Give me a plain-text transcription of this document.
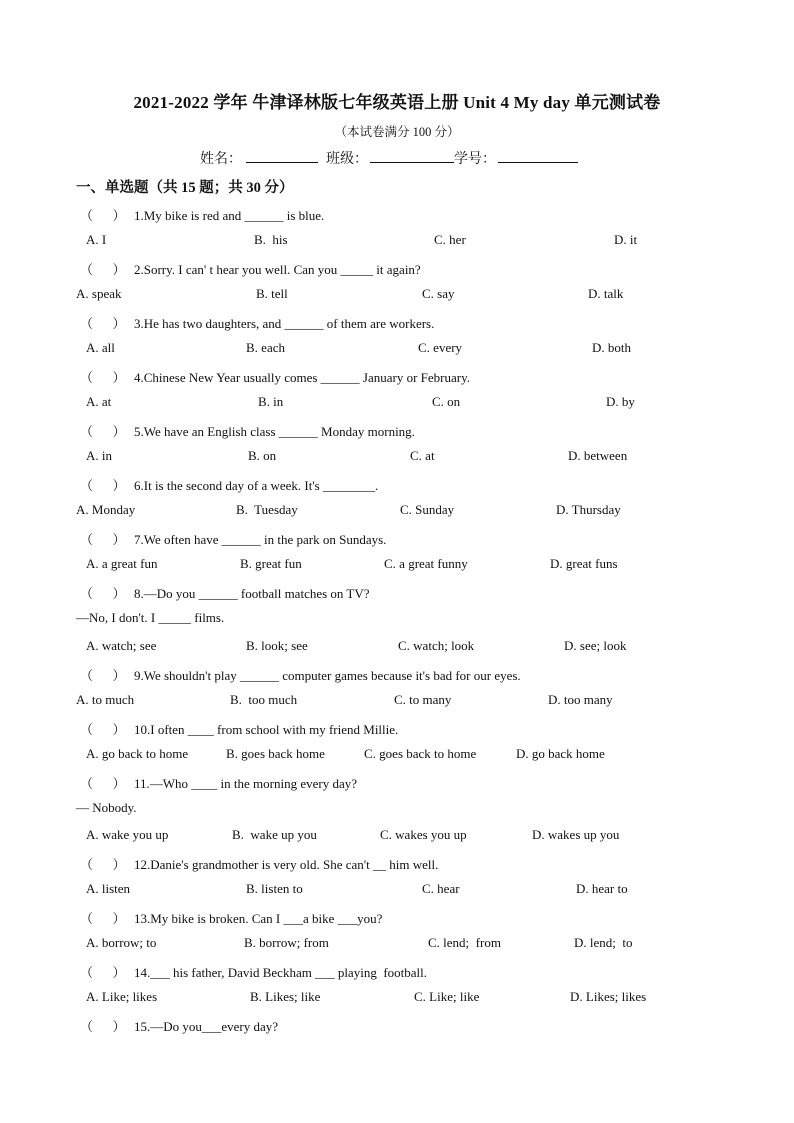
2021-2022 学年 牛津译林版七年级英语上册 Unit 4 My day 单元测试卷
（本试卷满分 100 分）
姓名：	班级：	学号：
一、单选题（共 15 题；共 30 分）
（      ） 1.My bike is red and ______ is blue.
A. I	B.  his	C. her	D. it
（      ） 2.Sorry. I can' t hear you well. Can you _____ it again?
A. speak	B. tell	C. say	D. talk
（      ） 3.He has two daughters, and ______ of them are workers.
A. all	B. each	C. every	D. both
（      ） 4.Chinese New Year usually comes ______ January or February.
A. at	B. in	C. on	D. by
（      ） 5.We have an English class ______ Monday morning.
A. in	B. on	C. at	D. between
（      ） 6.It is the second day of a week. It's ________.
A. Monday	B.  Tuesday	C. Sunday	D. Thursday
（      ） 7.We often have ______ in the park on Sundays.
A. a great fun	B. great fun	C. a great funny	D. great funs
（      ） 8.—Do you ______ football matches on TV?
—No, I don't. I _____ films.
A. watch; see	B. look; see	C. watch; look	D. see; look
（      ） 9.We shouldn't play ______ computer games because it's bad for our eyes.
A. to much	B.  too much	C. to many	D. too many
（      ） 10.I often ____ from school with my friend Millie.
A. go back to home	B. goes back home	C. goes back to home	D. go back home
（      ） 11.—Who ____ in the morning every day?
— Nobody.
A. wake you up	B.  wake up you	C. wakes you up	D. wakes up you
（      ） 12.Danie's grandmother is very old. She can't __ him well.
A. listen	B. listen to	C. hear	D. hear to
（      ） 13.My bike is broken. Can I ___a bike ___you?
A. borrow; to	B. borrow; from	C. lend;  from	D. lend;  to
（      ） 14.___ his father, David Beckham ___ playing  football.
A. Like; likes	B. Likes; like	C. Like; like	D. Likes; likes
（      ） 15.—Do you___every day?
